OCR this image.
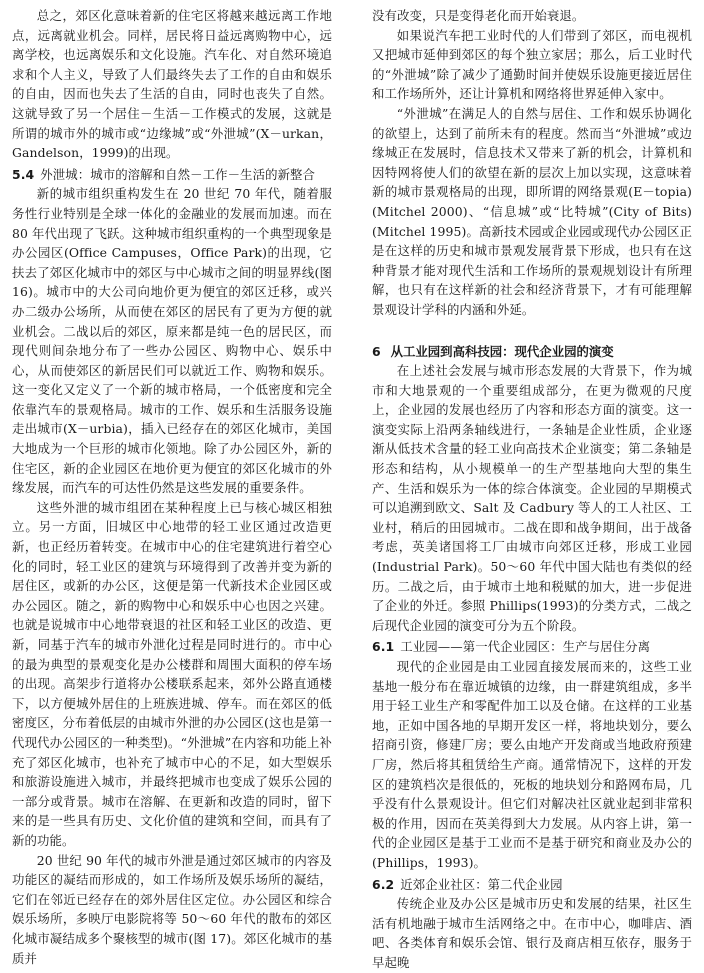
总之，郊区化意味着新的住宅区将越来越远离工作地点，远离就业机会。同样，居民将日益远离购物中心，远离学校，也远离娱乐和文化设施。汽车化、对自然环境追求和个人主义，导致了人们最终失去了工作的自由和娱乐的自由，因而也失去了生活的自由，同时也丧失了自然。这就导致了另一个居住－生活－工作模式的发展，这就是所谓的城市外的城市或“边缘城”或“外泄城”(X－urkan，Gandelson，1999)的出现。

5.4 外泄城：城市的溶解和自然－工作－生活的新整合

新的城市组织重构发生在 20 世纪 70 年代，随着服务性行业特别是全球一体化的金融业的发展而加速。而在 80 年代出现了飞跃。这种城市组织重构的一个典型现象是办公园区(Office Campuses，Office Park)的出现，它扶去了郊区化城市中的郊区与中心城市之间的明显界线(图 16)。城市中的大公司向地价更为便宜的郊区迁移，或兴办二级办公场所，从而使在郊区的居民有了更为方便的就业机会。二战以后的郊区，原来都是纯一色的居民区，而现代则间杂地分布了一些办公园区、购物中心、娱乐中心，从而使郊区的新居民们可以就近工作、购物和娱乐。这一变化又定义了一个新的城市格局，一个低密度和完全依靠汽车的景观格局。城市的工作、娱乐和生活服务设施走出城市(X－urbia)，插入已经存在的郊区化城市，美国大地成为一个巨形的城市化领地。除了办公园区外，新的住宅区，新的企业园区在地价更为便宜的郊区化城市的外缘发展，而汽车的可达性仍然是这些发展的重要条件。

这些外泄的城市组团在某种程度上已与核心城区相独立。另一方面，旧城区中心地带的轻工业区通过改造更新，也正经历着转变。在城市中心的住宅建筑进行着空心化的同时，轻工业区的建筑与环境得到了改善并变为新的居住区，或新的办公区，这便是第一代新技术企业园区或办公园区。随之，新的购物中心和娱乐中心也因之兴建。也就是说城市中心地带衰退的社区和轻工业区的改造、更新，同基于汽车的城市外泄化过程是同时进行的。市中心的最为典型的景观变化是办公楼群和周围大面积的停车场的出现。高架步行道将办公楼联系起来，郊外公路直通楼下，以方便城外居住的上班族进城、停车。而在郊区的低密度区，分布着低层的由城市外泄的办公园区(这也是第一代现代办公园区的一种类型)。“外泄城”在内容和功能上补充了郊区化城市，也补充了城市中心的不足，如大型娱乐和旅游设施进入城市，并最终把城市也变成了娱乐公园的一部分或背景。城市在溶解、在更新和改造的同时，留下来的是一些具有历史、文化价值的建筑和空间，而具有了新的功能。

20 世纪 90 年代的城市外泄是通过郊区城市的内容及功能区的凝结而形成的，如工作场所及娱乐场所的凝结，它们在邻近已经存在的郊外居住区定位。办公园区和综合娱乐场所，多映厅电影院将等 50～60 年代的散布的郊区化城市凝结成多个聚核型的城市(图 17)。郊区化城市的基质并

没有改变，只是变得老化而开始衰退。

如果说汽车把工业时代的人们带到了郊区，而电视机又把城市延伸到郊区的每个独立家居；那么，后工业时代的“外泄城”除了减少了通勤时间并使娱乐设施更接近居住和工作场所外，还让计算机和网络将世界延伸入家中。

“外泄城”在满足人的自然与居住、工作和娱乐协调化的欲望上，达到了前所未有的程度。然而当“外泄城”或边缘城正在发展时，信息技术又带来了新的机会，计算机和因特网将使人们的欲望在新的层次上加以实现，这意味着新的城市景观格局的出现，即所谓的网络景观(E－topia)(Mitchel 2000)、“信息城”或“比特城”(City of Bits)(Mitchel 1995)。高新技术园或企业园或现代办公园区正是在这样的历史和城市景观发展背景下形成，也只有在这种背景才能对现代生活和工作场所的景观规划设计有所理解，也只有在这样新的社会和经济背景下，才有可能理解景观设计学科的内涵和外延。

6 从工业园到高科技园：现代企业园的演变

在上述社会发展与城市形态发展的大背景下，作为城市和大地景观的一个重要组成部分，在更为微观的尺度上，企业园的发展也经历了内容和形态方面的演变。这一演变实际上沿两条轴线进行，一条轴是企业性质，企业逐渐从低技术含量的轻工业向高技术企业演变；第二条轴是形态和结构，从小规模单一的生产型基地向大型的集生产、生活和娱乐为一体的综合体演变。企业园的早期模式可以追溯到欧文、Salt 及 Cadbury 等人的工人社区、工业村，稍后的田园城市。二战在即和战争期间，出于战备考虑，英美诸国将工厂由城市向郊区迁移，形成工业园(Industrial Park)。50～60 年代中国大陆也有类似的经历。二战之后，由于城市土地和税赋的加大，进一步促进了企业的外迁。参照 Phillips(1993)的分类方式，二战之后现代企业园的演变可分为五个阶段。

6.1 工业园——第一代企业园区：生产与居住分离

现代的企业园是由工业园直接发展而来的，这些工业基地一般分布在靠近城镇的边缘，由一群建筑组成，多半用于轻工业生产和零配件加工以及仓储。在这样的工业基地，正如中国各地的早期开发区一样，将地块划分，要么招商引资，修建厂房；要么由地产开发商或当地政府预建厂房，然后将其租赁给生产商。通常情况下，这样的开发区的建筑档次是很低的，死板的地块划分和路网布局，几乎没有什么景观设计。但它们对解决社区就业起到非常积极的作用，因而在英美得到大力发展。从内容上讲，第一代的企业园区是基于工业而不是基于研究和商业及办公的(Phillips，1993)。

6.2 近郊企业社区：第二代企业园

传统企业及办公区是城市历史和发展的结果，社区生活有机地融于城市生活网络之中。在市中心，咖啡店、酒吧、各类体育和娱乐会馆、银行及商店相互依存，服务于早起晚
